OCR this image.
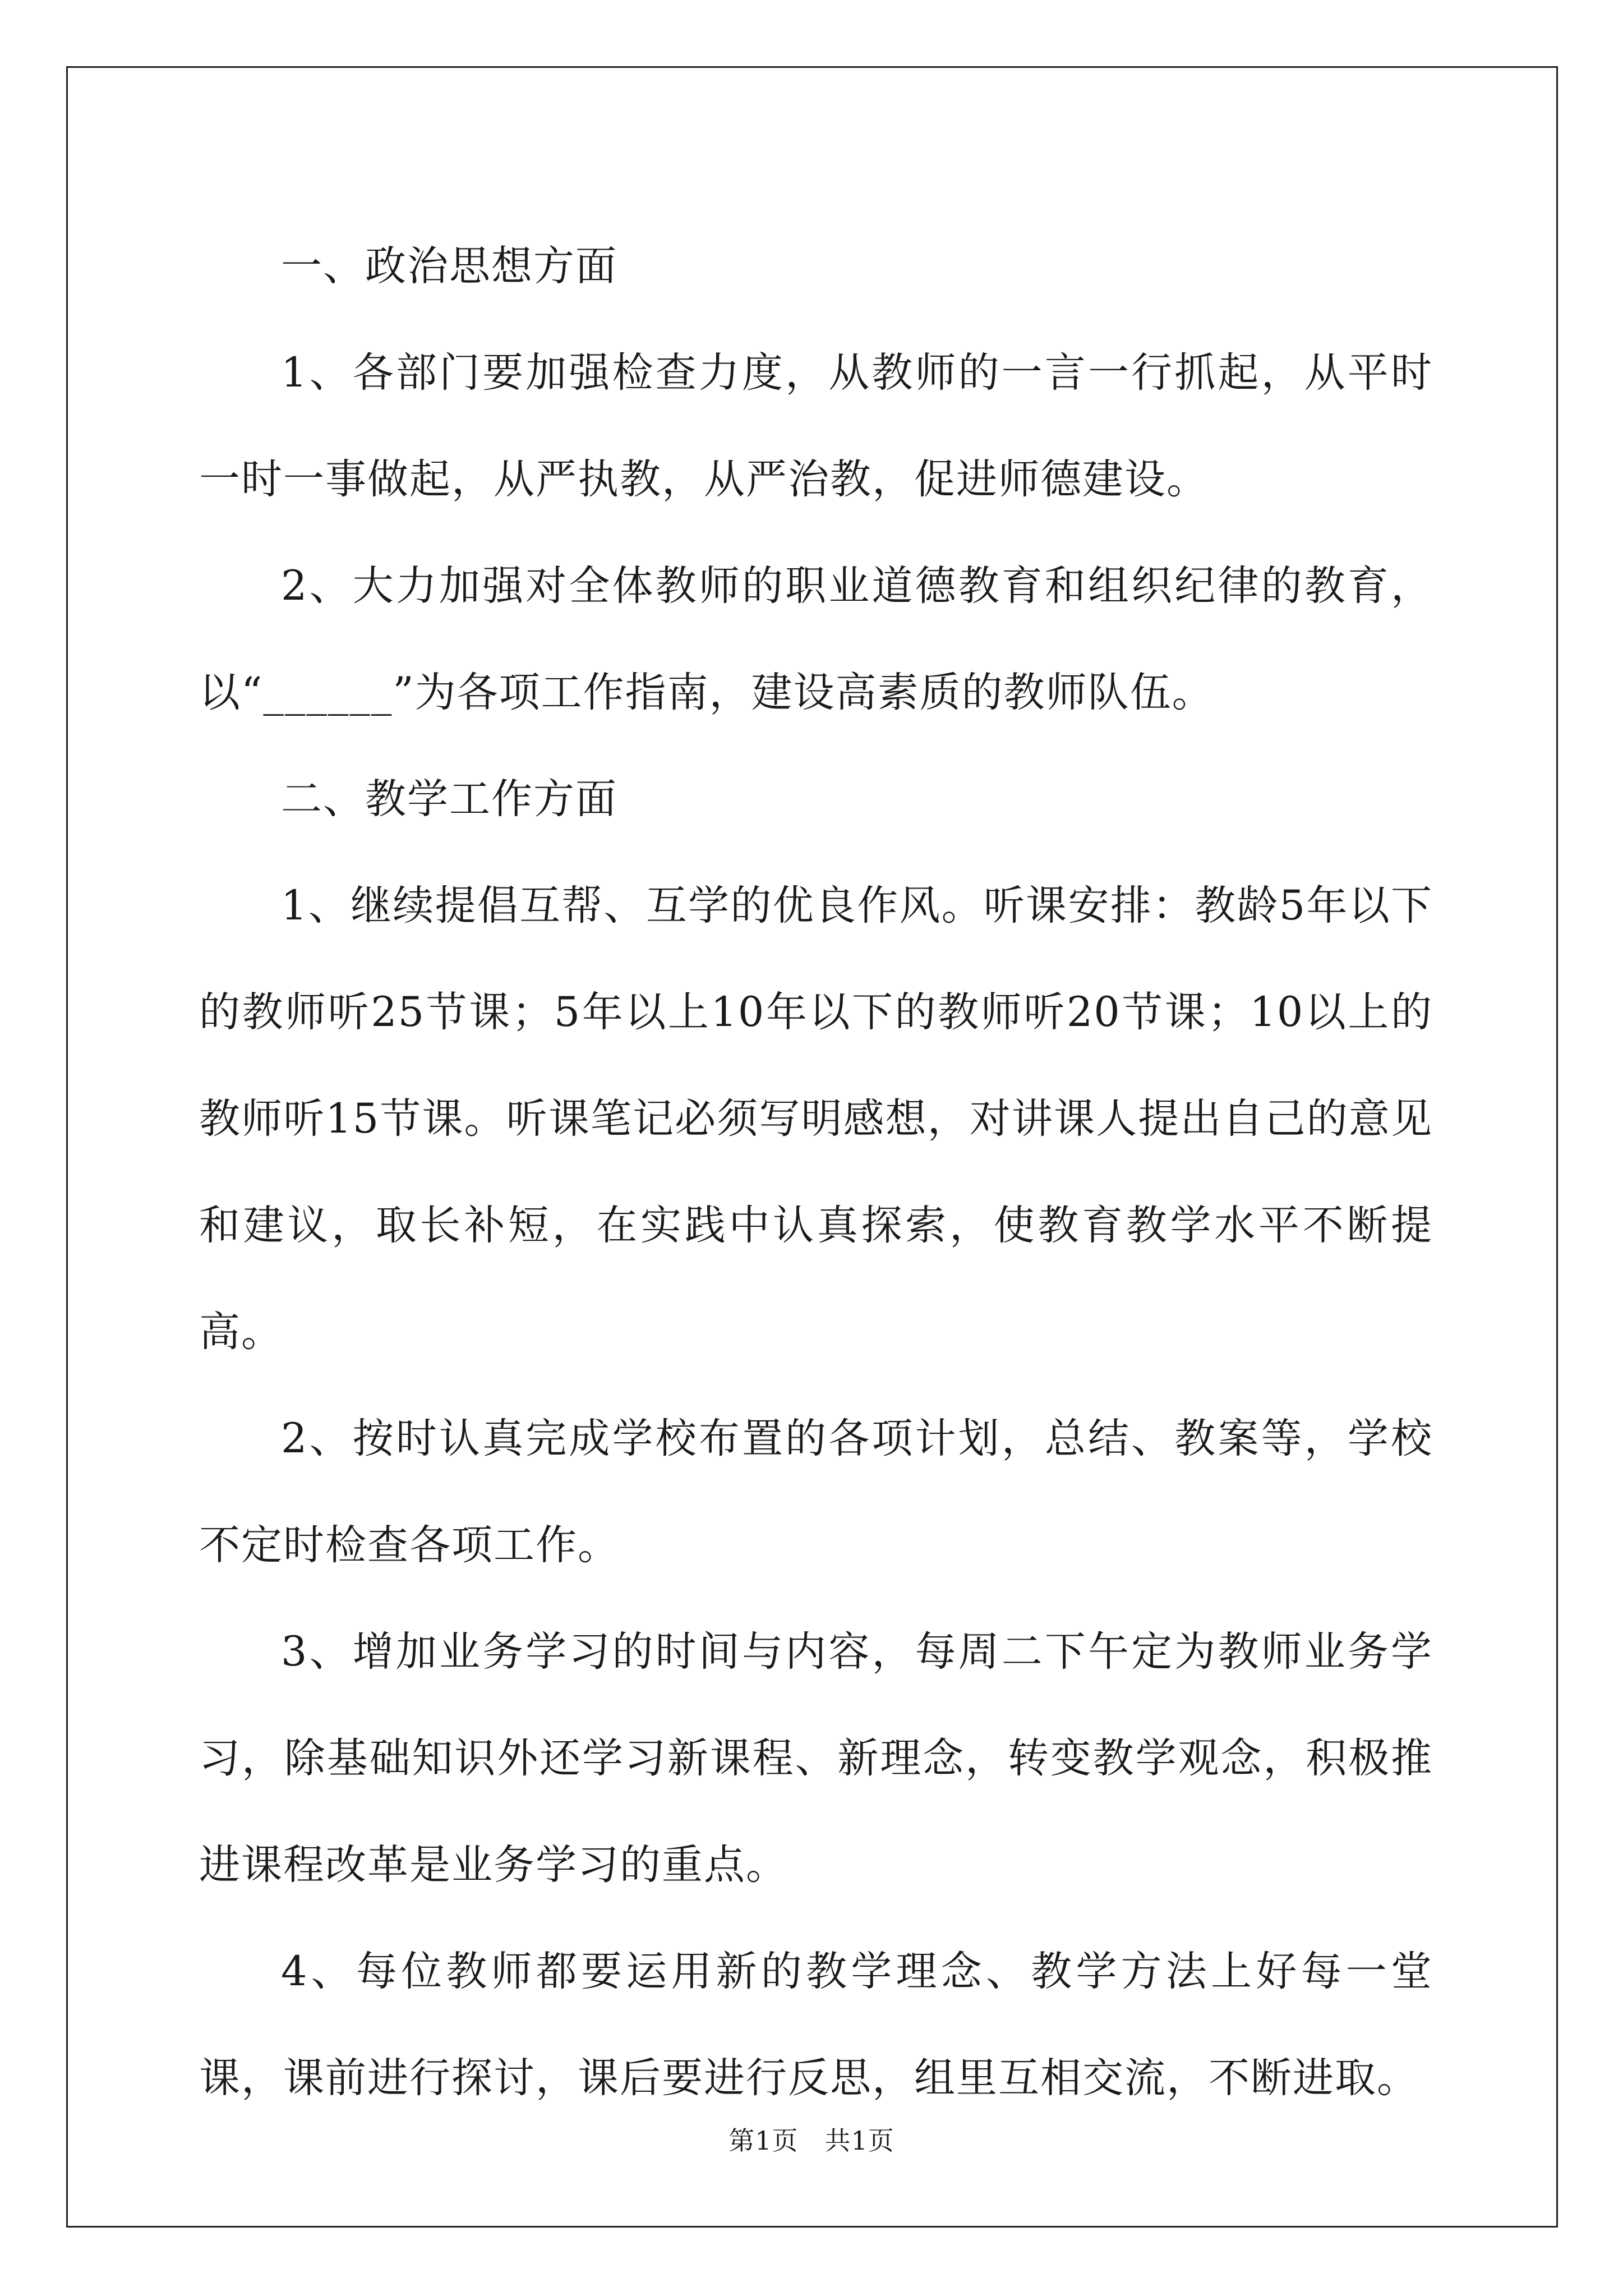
一、政治思想方面

1、各部门要加强检查力度，从教师的一言一行抓起，从平时一时一事做起，从严执教，从严治教，促进师德建设。

2、大力加强对全体教师的职业道德教育和组织纪律的教育，以“______”为各项工作指南，建设高素质的教师队伍。

二、教学工作方面

1、继续提倡互帮、互学的优良作风。听课安排：教龄5年以下的教师听25节课；5年以上10年以下的教师听20节课；10以上的教师听15节课。听课笔记必须写明感想，对讲课人提出自己的意见和建议，取长补短，在实践中认真探索，使教育教学水平不断提高。

2、按时认真完成学校布置的各项计划，总结、教案等，学校不定时检查各项工作。

3、增加业务学习的时间与内容，每周二下午定为教师业务学习，除基础知识外还学习新课程、新理念，转变教学观念，积极推进课程改革是业务学习的重点。

4、每位教师都要运用新的教学理念、教学方法上好每一堂课，课前进行探讨，课后要进行反思，组里互相交流，不断进取。

第1页 共1页
